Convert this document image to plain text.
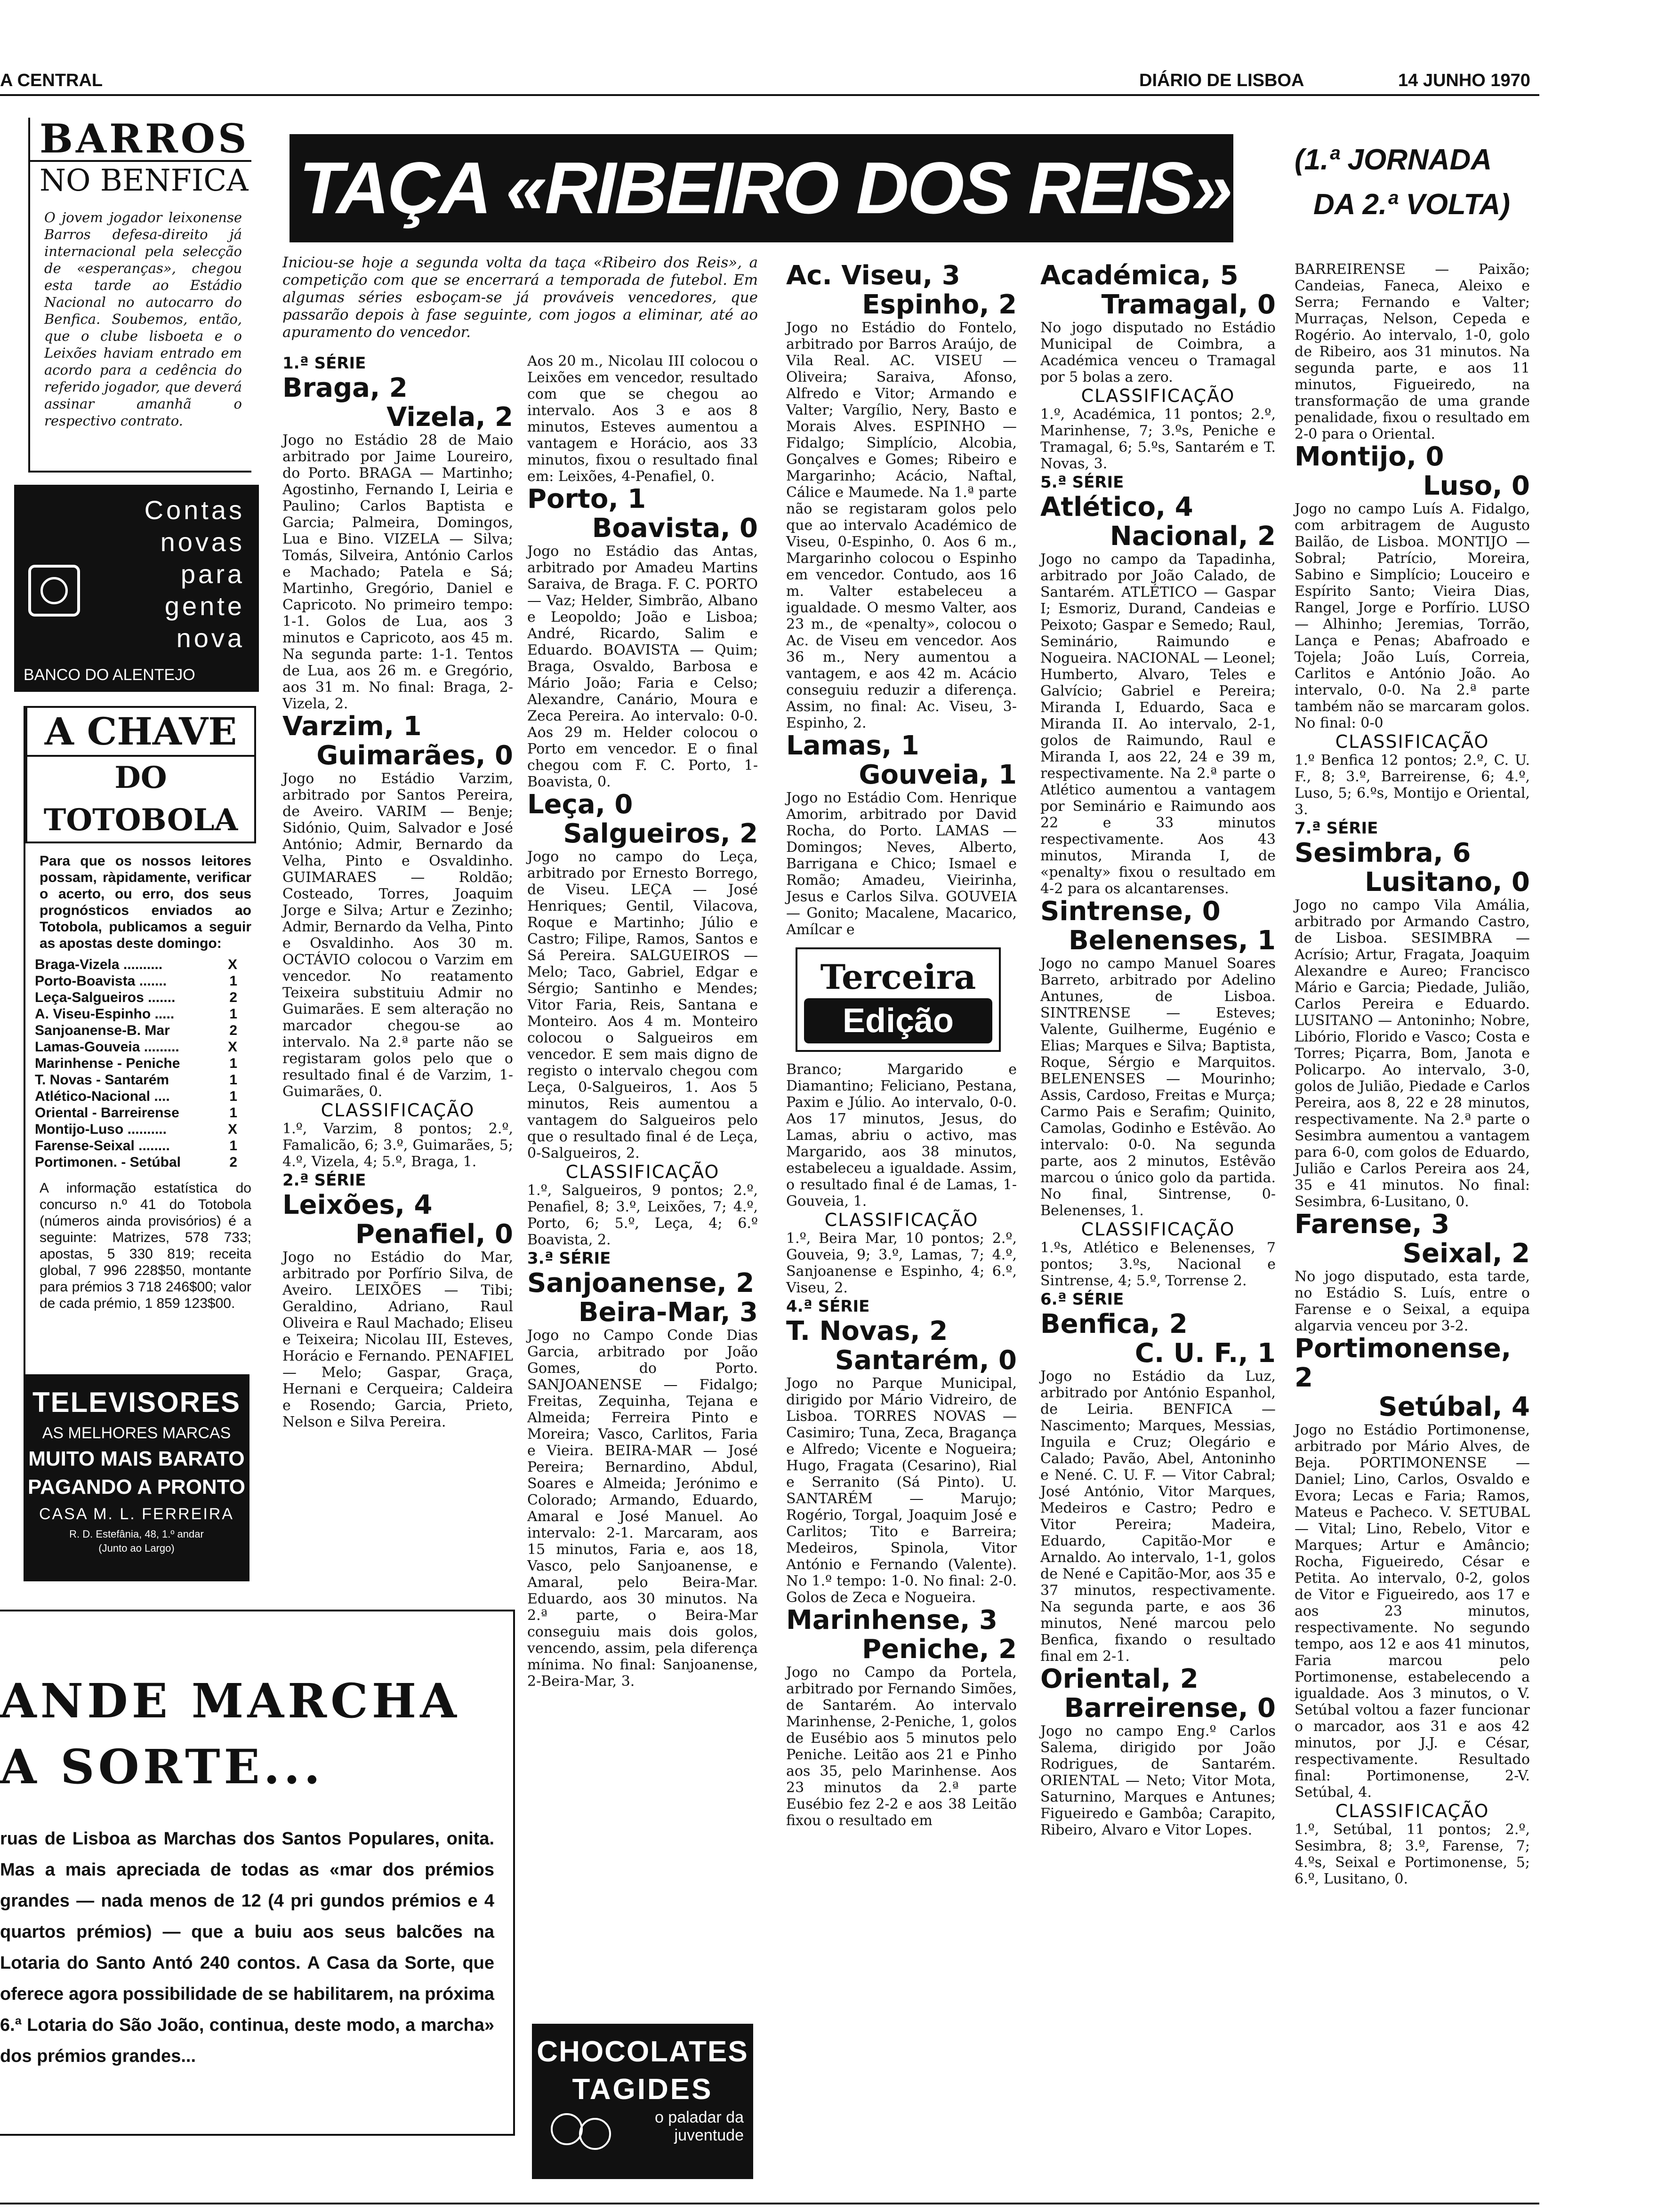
A CENTRAL	DIÁRIO DE LISBOA	14 JUNHO 1970
TAÇA «RIBEIRO DOS REIS» (1.ª JORNADA
DA 2.ª VOLTA)
BARROS
NO BENFICA
O jovem jogador leixonense Barros defesa-direito já internacional pela selecção de «esperanças», chegou esta tarde ao Estádio Nacional no autocarro do Benfica. Soubemos, então, que o clube lisboeta e o Leixões haviam entrado em acordo para a cedência do referido jogador, que deverá assinar amanhã o respectivo contrato.
Contas
novas
para
gente
nova
BANCO DO ALENTEJO
A CHAVE
DO TOTOBOLA
Para que os nossos leitores possam, ràpidamente, verificar o acerto, ou erro, dos seus prognósticos enviados ao Totobola, publicamos a seguir as apostas deste domingo:
Braga-Vizela ..........	X
Porto-Boavista .......	1
Leça-Salgueiros .......	2
A. Viseu-Espinho .....	1
Sanjoanense-B. Mar	2
Lamas-Gouveia .........	X
Marinhense - Peniche	1
T. Novas - Santarém	1
Atlético-Nacional ....	1
Oriental - Barreirense	1
Montijo-Luso ..........	X
Farense-Seixal ........	1
Portimonen. - Setúbal	2
A informação estatística do concurso n.º 41 do Totobola (números ainda provisórios) é a seguinte: Matrizes, 578 733; apostas, 5 330 819; receita global, 7 996 228$50, montante para prémios 3 718 246$00; valor de cada prémio, 1 859 123$00.
TELEVISORES
AS MELHORES MARCAS
MUITO MAIS BARATO
PAGANDO A PRONTO
CASA M. L. FERREIRA
R. D. Estefânia, 48, 1.º andar
(Junto ao Largo)
ANDE MARCHA
A SORTE...
ruas de Lisboa as Marchas dos Santos Populares, onita. Mas a mais apreciada de todas as «mar dos prémios grandes — nada menos de 12 (4 pri gundos prémios e 4 quartos prémios) — que a buiu aos seus balcões na Lotaria do Santo Antó 240 contos. A Casa da Sorte, que oferece agora possibilidade de se habilitarem, na próxima 6.ª Lotaria do São João, continua, deste modo, a marcha» dos prémios grandes...
Iniciou-se hoje a segunda volta da taça «Ribeiro dos Reis», a competição com que se encerrará a temporada de futebol. Em algumas séries esboçam-se já prováveis vencedores, que passarão depois à fase seguinte, com jogos a eliminar, até ao apuramento do vencedor.
1.ª SÉRIE
Braga, 2
Vizela, 2
Jogo no Estádio 28 de Maio arbitrado por Jaime Loureiro, do Porto. BRAGA — Martinho; Agostinho, Fernando I, Leiria e Paulino; Carlos Baptista e Garcia; Palmeira, Domingos, Lua e Bino. VIZELA — Silva; Tomás, Silveira, António Carlos e Machado; Patela e Sá; Martinho, Gregório, Daniel e Capricoto. No primeiro tempo: 1-1. Golos de Lua, aos 3 minutos e Capricoto, aos 45 m. Na segunda parte: 1-1. Tentos de Lua, aos 26 m. e Gregório, aos 31 m. No final: Braga, 2-Vizela, 2.
Varzim, 1
Guimarães, 0
Jogo no Estádio Varzim, arbitrado por Santos Pereira, de Aveiro. VARIM — Benje; Sidónio, Quim, Salvador e José António; Admir, Bernardo da Velha, Pinto e Osvaldinho. GUIMARAES — Roldão; Costeado, Torres, Joaquim Jorge e Silva; Artur e Zezinho; Admir, Bernardo da Velha, Pinto e Osvaldinho. Aos 30 m. OCTÁVIO colocou o Varzim em vencedor. No reatamento Teixeira substituiu Admir no Guimarães. E sem alteração no marcador chegou-se ao intervalo. Na 2.ª parte não se registaram golos pelo que o resultado final é de Varzim, 1-Guimarães, 0.
CLASSIFICAÇÃO
1.º, Varzim, 8 pontos; 2.º, Famalicão, 6; 3.º, Guimarães, 5; 4.º, Vizela, 4; 5.º, Braga, 1.
2.ª SÉRIE
Leixões, 4
Penafiel, 0
Jogo no Estádio do Mar, arbitrado por Porfírio Silva, de Aveiro. LEIXÕES — Tibi; Geraldino, Adriano, Raul Oliveira e Raul Machado; Eliseu e Teixeira; Nicolau III, Esteves, Horácio e Fernando. PENAFIEL — Melo; Gaspar, Graça, Hernani e Cerqueira; Caldeira e Rosendo; Garcia, Prieto, Nelson e Silva Pereira.
Aos 20 m., Nicolau III colocou o Leixões em vencedor, resultado com que se chegou ao intervalo. Aos 3 e aos 8 minutos, Esteves aumentou a vantagem e Horácio, aos 33 minutos, fixou o resultado final em: Leixões, 4-Penafiel, 0.
Porto, 1
Boavista, 0
Jogo no Estádio das Antas, arbitrado por Amadeu Martins Saraiva, de Braga. F. C. PORTO — Vaz; Helder, Simbrão, Albano e Leopoldo; João e Lisboa; André, Ricardo, Salim e Eduardo. BOAVISTA — Quim; Braga, Osvaldo, Barbosa e Mário João; Faria e Celso; Alexandre, Canário, Moura e Zeca Pereira. Ao intervalo: 0-0. Aos 29 m. Helder colocou o Porto em vencedor. E o final chegou com F. C. Porto, 1-Boavista, 0.
Leça, 0
Salgueiros, 2
Jogo no campo do Leça, arbitrado por Ernesto Borrego, de Viseu. LEÇA — José Henriques; Gentil, Vilacova, Roque e Martinho; Júlio e Castro; Filipe, Ramos, Santos e Sá Pereira. SALGUEIROS — Melo; Taco, Gabriel, Edgar e Sérgio; Santinho e Mendes; Vitor Faria, Reis, Santana e Monteiro. Aos 4 m. Monteiro colocou o Salgueiros em vencedor. E sem mais digno de registo o intervalo chegou com Leça, 0-Salgueiros, 1. Aos 5 minutos, Reis aumentou a vantagem do Salgueiros pelo que o resultado final é de Leça, 0-Salgueiros, 2.
CLASSIFICAÇÃO
1.º, Salgueiros, 9 pontos; 2.º, Penafiel, 8; 3.º, Leixões, 7; 4.º, Porto, 6; 5.º, Leça, 4; 6.º Boavista, 2.
3.ª SÉRIE
Sanjoanense, 2
Beira-Mar, 3
Jogo no Campo Conde Dias Garcia, arbitrado por João Gomes, do Porto. SANJOANENSE — Fidalgo; Freitas, Zequinha, Tejana e Almeida; Ferreira Pinto e Moreira; Vasco, Carlitos, Faria e Vieira. BEIRA-MAR — José Pereira; Bernardino, Abdul, Soares e Almeida; Jerónimo e Colorado; Armando, Eduardo, Amaral e José Manuel. Ao intervalo: 2-1. Marcaram, aos 15 minutos, Faria e, aos 18, Vasco, pelo Sanjoanense, e Amaral, pelo Beira-Mar. Eduardo, aos 30 minutos. Na 2.ª parte, o Beira-Mar conseguiu mais dois golos, vencendo, assim, pela diferença mínima. No final: Sanjoanense, 2-Beira-Mar, 3.
CHOCOLATES
TAGIDES
o paladar da juventude
Ac. Viseu, 3
Espinho, 2
Jogo no Estádio do Fontelo, arbitrado por Barros Araújo, de Vila Real. AC. VISEU — Oliveira; Saraiva, Afonso, Alfredo e Vitor; Armando e Valter; Vargílio, Nery, Basto e Morais Alves. ESPINHO — Fidalgo; Simplício, Alcobia, Gonçalves e Gomes; Ribeiro e Margarinho; Acácio, Naftal, Cálice e Maumede. Na 1.ª parte não se registaram golos pelo que ao intervalo Académico de Viseu, 0-Espinho, 0. Aos 6 m., Margarinho colocou o Espinho em vencedor. Contudo, aos 16 m. Valter estabeleceu a igualdade. O mesmo Valter, aos 23 m., de «penalty», colocou o Ac. de Viseu em vencedor. Aos 36 m., Nery aumentou a vantagem, e aos 42 m. Acácio conseguiu reduzir a diferença. Assim, no final: Ac. Viseu, 3-Espinho, 2.
Lamas, 1
Gouveia, 1
Jogo no Estádio Com. Henrique Amorim, arbitrado por David Rocha, do Porto. LAMAS — Domingos; Neves, Alberto, Barrigana e Chico; Ismael e Romão; Amadeu, Vieirinha, Jesus e Carlos Silva. GOUVEIA — Gonito; Macalene, Macarico, Amílcar e
Terceira
Edição
Branco; Margarido e Diamantino; Feliciano, Pestana, Paxim e Júlio. Ao intervalo, 0-0. Aos 17 minutos, Jesus, do Lamas, abriu o activo, mas Margarido, aos 38 minutos, estabeleceu a igualdade. Assim, o resultado final é de Lamas, 1-Gouveia, 1.
CLASSIFICAÇÃO
1.º, Beira Mar, 10 pontos; 2.º, Gouveia, 9; 3.º, Lamas, 7; 4.º, Sanjoanense e Espinho, 4; 6.º, Viseu, 2.
4.ª SÉRIE
T. Novas, 2
Santarém, 0
Jogo no Parque Municipal, dirigido por Mário Vidreiro, de Lisboa. TORRES NOVAS — Casimiro; Tuna, Zeca, Bragança e Alfredo; Vicente e Nogueira; Hugo, Fragata (Cesarino), Rial e Serranito (Sá Pinto). U. SANTARÉM — Marujo; Rogério, Torgal, Joaquim José e Carlitos; Tito e Barreira; Medeiros, Spinola, Vitor António e Fernando (Valente). No 1.º tempo: 1-0. No final: 2-0. Golos de Zeca e Nogueira.
Marinhense, 3
Peniche, 2
Jogo no Campo da Portela, arbitrado por Fernando Simões, de Santarém. Ao intervalo Marinhense, 2-Peniche, 1, golos de Eusébio aos 5 minutos pelo Peniche. Leitão aos 21 e Pinho aos 35, pelo Marinhense. Aos 23 minutos da 2.ª parte Eusébio fez 2-2 e aos 38 Leitão fixou o resultado em
Académica, 5
Tramagal, 0
No jogo disputado no Estádio Municipal de Coimbra, a Académica venceu o Tramagal por 5 bolas a zero.
CLASSIFICAÇÃO
1.º, Académica, 11 pontos; 2.º, Marinhense, 7; 3.ºs, Peniche e Tramagal, 6; 5.ºs, Santarém e T. Novas, 3.
5.ª SÉRIE
Atlético, 4
Nacional, 2
Jogo no campo da Tapadinha, arbitrado por João Calado, de Santarém. ATLÉTICO — Gaspar I; Esmoriz, Durand, Candeias e Peixoto; Gaspar e Semedo; Raul, Seminário, Raimundo e Nogueira. NACIONAL — Leonel; Humberto, Alvaro, Teles e Galvício; Gabriel e Pereira; Miranda I, Eduardo, Saca e Miranda II. Ao intervalo, 2-1, golos de Raimundo, Raul e Miranda I, aos 22, 24 e 39 m, respectivamente. Na 2.ª parte o Atlético aumentou a vantagem por Seminário e Raimundo aos 22 e 33 minutos respectivamente. Aos 43 minutos, Miranda I, de «penalty» fixou o resultado em 4-2 para os alcantarenses.
Sintrense, 0
Belenenses, 1
Jogo no campo Manuel Soares Barreto, arbitrado por Adelino Antunes, de Lisboa. SINTRENSE — Esteves; Valente, Guilherme, Eugénio e Elias; Marques e Silva; Baptista, Roque, Sérgio e Marquitos. BELENENSES — Mourinho; Assis, Cardoso, Freitas e Murça; Carmo Pais e Serafim; Quinito, Camolas, Godinho e Estêvão. Ao intervalo: 0-0. Na segunda parte, aos 2 minutos, Estêvão marcou o único golo da partida. No final, Sintrense, 0-Belenenses, 1.
CLASSIFICAÇÃO
1.ºs, Atlético e Belenenses, 7 pontos; 3.ºs, Nacional e Sintrense, 4; 5.º, Torrense 2.
6.ª SÉRIE
Benfica, 2
C. U. F., 1
Jogo no Estádio da Luz, arbitrado por António Espanhol, de Leiria. BENFICA — Nascimento; Marques, Messias, Inguila e Cruz; Olegário e Calado; Pavão, Abel, Antoninho e Nené. C. U. F. — Vitor Cabral; José António, Vitor Marques, Medeiros e Castro; Pedro e Vitor Pereira; Madeira, Eduardo, Capitão-Mor e Arnaldo. Ao intervalo, 1-1, golos de Nené e Capitão-Mor, aos 35 e 37 minutos, respectivamente. Na segunda parte, e aos 36 minutos, Nené marcou pelo Benfica, fixando o resultado final em 2-1.
Oriental, 2
Barreirense, 0
Jogo no campo Eng.º Carlos Salema, dirigido por João Rodrigues, de Santarém. ORIENTAL — Neto; Vitor Mota, Saturnino, Marques e Antunes; Figueiredo e Gambôa; Carapito, Ribeiro, Alvaro e Vitor Lopes.
BARREIRENSE — Paixão; Candeias, Faneca, Aleixo e Serra; Fernando e Valter; Murraças, Nelson, Cepeda e Rogério. Ao intervalo, 1-0, golo de Ribeiro, aos 31 minutos. Na segunda parte, e aos 11 minutos, Figueiredo, na transformação de uma grande penalidade, fixou o resultado em 2-0 para o Oriental.
Montijo, 0
Luso, 0
Jogo no campo Luís A. Fidalgo, com arbitragem de Augusto Bailão, de Lisboa. MONTIJO — Sobral; Patrício, Moreira, Sabino e Simplício; Louceiro e Espírito Santo; Vieira Dias, Rangel, Jorge e Porfírio. LUSO — Alhinho; Jeremias, Torrão, Lança e Penas; Abafroado e Tojela; João Luís, Correia, Carlitos e António João. Ao intervalo, 0-0. Na 2.ª parte também não se marcaram golos. No final: 0-0
CLASSIFICAÇÃO
1.º Benfica 12 pontos; 2.º, C. U. F., 8; 3.º, Barreirense, 6; 4.º, Luso, 5; 6.ºs, Montijo e Oriental, 3.
7.ª SÉRIE
Sesimbra, 6
Lusitano, 0
Jogo no campo Vila Amália, arbitrado por Armando Castro, de Lisboa. SESIMBRA — Acrísio; Artur, Fragata, Joaquim Alexandre e Aureo; Francisco Mário e Garcia; Piedade, Julião, Carlos Pereira e Eduardo. LUSITANO — Antoninho; Nobre, Libório, Florido e Vasco; Costa e Torres; Piçarra, Bom, Janota e Policarpo. Ao intervalo, 3-0, golos de Julião, Piedade e Carlos Pereira, aos 8, 22 e 28 minutos, respectivamente. Na 2.ª parte o Sesimbra aumentou a vantagem para 6-0, com golos de Eduardo, Julião e Carlos Pereira aos 24, 35 e 41 minutos. No final: Sesimbra, 6-Lusitano, 0.
Farense, 3
Seixal, 2
No jogo disputado, esta tarde, no Estádio S. Luís, entre o Farense e o Seixal, a equipa algarvia venceu por 3-2.
Portimonense, 2
Setúbal, 4
Jogo no Estádio Portimonense, arbitrado por Mário Alves, de Beja. PORTIMONENSE — Daniel; Lino, Carlos, Osvaldo e Evora; Lecas e Faria; Ramos, Mateus e Pacheco. V. SETUBAL — Vital; Lino, Rebelo, Vitor e Marques; Artur e Amâncio; Rocha, Figueiredo, César e Petita. Ao intervalo, 0-2, golos de Vitor e Figueiredo, aos 17 e aos 23 minutos, respectivamente. No segundo tempo, aos 12 e aos 41 minutos, Faria marcou pelo Portimonense, estabelecendo a igualdade. Aos 3 minutos, o V. Setúbal voltou a fazer funcionar o marcador, aos 31 e aos 42 minutos, por J.J. e César, respectivamente. Resultado final: Portimonense, 2-V. Setúbal, 4.
CLASSIFICAÇÃO
1.º, Setúbal, 11 pontos; 2.º, Sesimbra, 8; 3.º, Farense, 7; 4.ºs, Seixal e Portimonense, 5; 6.º, Lusitano, 0.
